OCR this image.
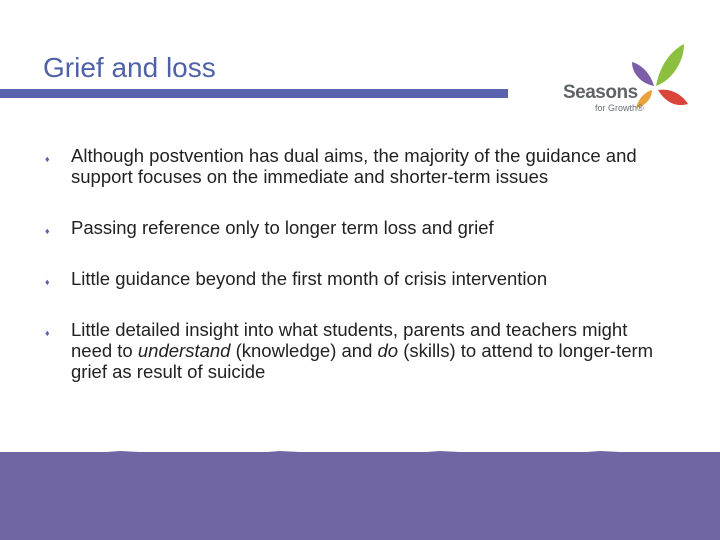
Grief and loss
Seasons
for Growth®
♦ Although postvention has dual aims, the majority of the guidance and support focuses on the immediate and shorter-term issues
♦ Passing reference only to longer term loss and grief
♦ Little guidance beyond the first month of crisis intervention
♦ Little detailed insight into what students, parents and teachers might need to understand (knowledge) and do (skills) to attend to longer-term grief as result of suicide
